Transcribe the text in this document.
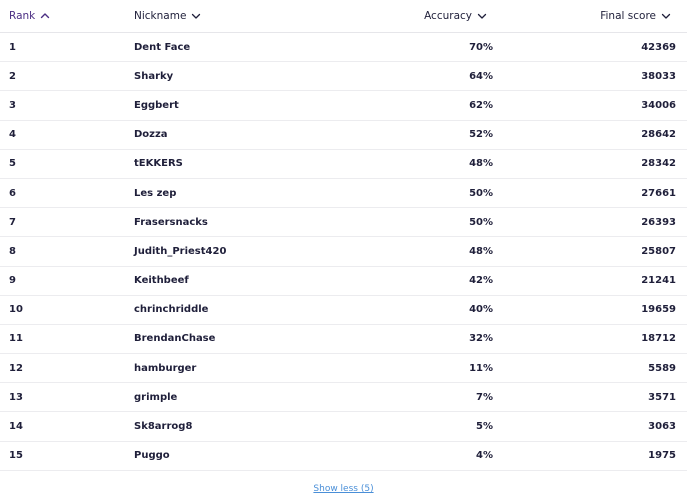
Rank	Nickname	Accuracy	Final score
1	Dent Face	70%	42369
2	Sharky	64%	38033
3	Eggbert	62%	34006
4	Dozza	52%	28642
5	tEKKERS	48%	28342
6	Les zep	50%	27661
7	Frasersnacks	50%	26393
8	Judith_Priest420	48%	25807
9	Keithbeef	42%	21241
10	chrinchriddle	40%	19659
11	BrendanChase	32%	18712
12	hamburger	11%	5589
13	grimple	7%	3571
14	Sk8arrog8	5%	3063
15	Puggo	4%	1975
Show less (5)
